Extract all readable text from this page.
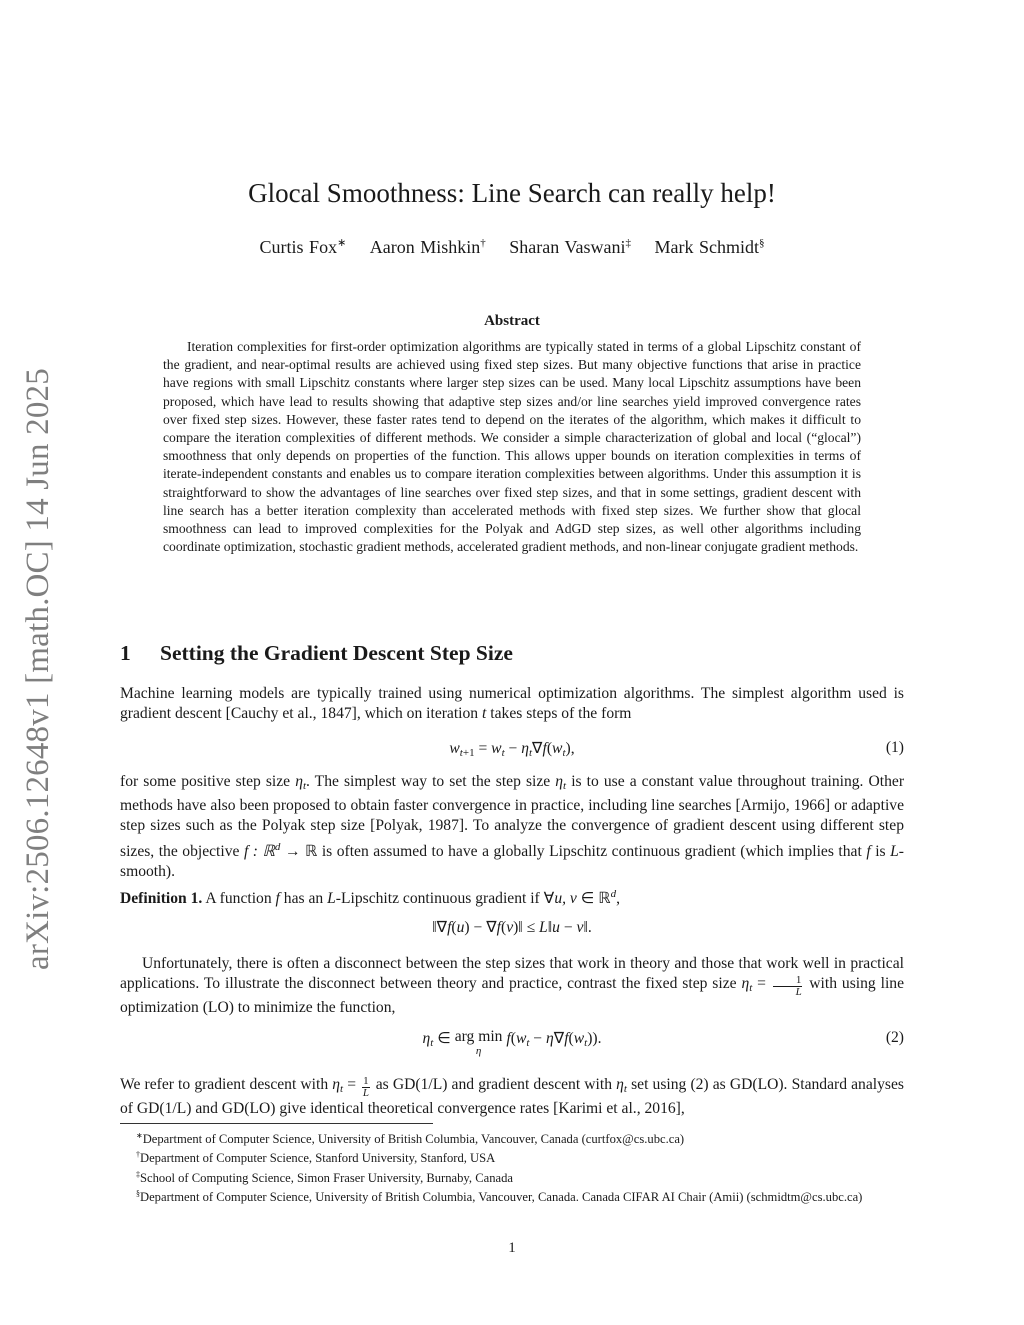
arXiv:2506.12648v1 [math.OC] 14 Jun 2025
Glocal Smoothness: Line Search can really help!
Curtis Fox∗ Aaron Mishkin† Sharan Vaswani‡ Mark Schmidt§
Abstract
Iteration complexities for first-order optimization algorithms are typically stated in terms of a global Lipschitz constant of the gradient, and near-optimal results are achieved using fixed step sizes. But many objective functions that arise in practice have regions with small Lipschitz constants where larger step sizes can be used. Many local Lipschitz assumptions have been proposed, which have lead to results showing that adaptive step sizes and/or line searches yield improved convergence rates over fixed step sizes. However, these faster rates tend to depend on the iterates of the algorithm, which makes it difficult to compare the iteration complexities of different methods. We consider a simple characterization of global and local (“glocal”) smoothness that only depends on properties of the function. This allows upper bounds on iteration complexities in terms of iterate-independent constants and enables us to compare iteration complexities between algorithms. Under this assumption it is straightforward to show the advantages of line searches over fixed step sizes, and that in some settings, gradient descent with line search has a better iteration complexity than accelerated methods with fixed step sizes. We further show that glocal smoothness can lead to improved complexities for the Polyak and AdGD step sizes, as well other algorithms including coordinate optimization, stochastic gradient methods, accelerated gradient methods, and non-linear conjugate gradient methods.
1 Setting the Gradient Descent Step Size
Machine learning models are typically trained using numerical optimization algorithms. The simplest algorithm used is gradient descent [Cauchy et al., 1847], which on iteration t takes steps of the form
$w_{t+1} = w_t - \eta_t\nabla f(w_t)$,	(1)
for some positive step size $\eta_t$. The simplest way to set the step size $\eta_t$ is to use a constant value throughout training. Other methods have also been proposed to obtain faster convergence in practice, including line searches [Armijo, 1966] or adaptive step sizes such as the Polyak step size [Polyak, 1987]. To analyze the convergence of gradient descent using different step sizes, the objective f : ℝ$^d$ → ℝ is often assumed to have a globally Lipschitz continuous gradient (which implies that f is L-smooth).
Definition 1. A function f has an L-Lipschitz continuous gradient if ∀u, v ∈ ℝ$^d$,
‖∇f(u) − ∇f(v)‖ ≤ L‖u − v‖.
Unfortunately, there is often a disconnect between the step sizes that work in theory and those that work well in practical applications. To illustrate the disconnect between theory and practice, contrast the fixed step size $\eta_t = \frac{1}{L}$ with using line optimization (LO) to minimize the function,
$\eta_t$ ∈ arg min
η
$f(w_t - \eta\nabla f(w_t))$.	(2)
We refer to gradient descent with $\eta_t = \frac{1}{L}$ as GD(1/L) and gradient descent with $\eta_t$ set using (2) as GD(LO). Standard analyses of GD(1/L) and GD(LO) give identical theoretical convergence rates [Karimi et al., 2016],
∗Department of Computer Science, University of British Columbia, Vancouver, Canada (curtfox@cs.ubc.ca)
†Department of Computer Science, Stanford University, Stanford, USA
‡School of Computing Science, Simon Fraser University, Burnaby, Canada
§Department of Computer Science, University of British Columbia, Vancouver, Canada. Canada CIFAR AI Chair (Amii) (schmidtm@cs.ubc.ca)
1
